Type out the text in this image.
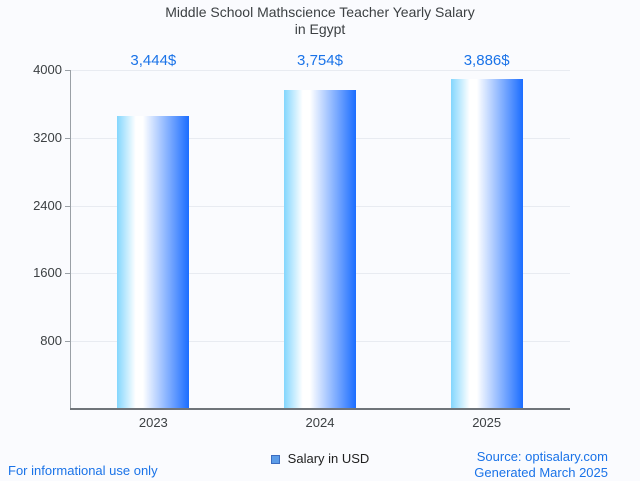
Middle School Mathscience Teacher Yearly Salary
in Egypt
3,444$	3,754$	3,886$
4000
3200
2400
1600
800
2023	2024	2025
Salary in USD
For informational use only
Source: optisalary.com
Generated March 2025
